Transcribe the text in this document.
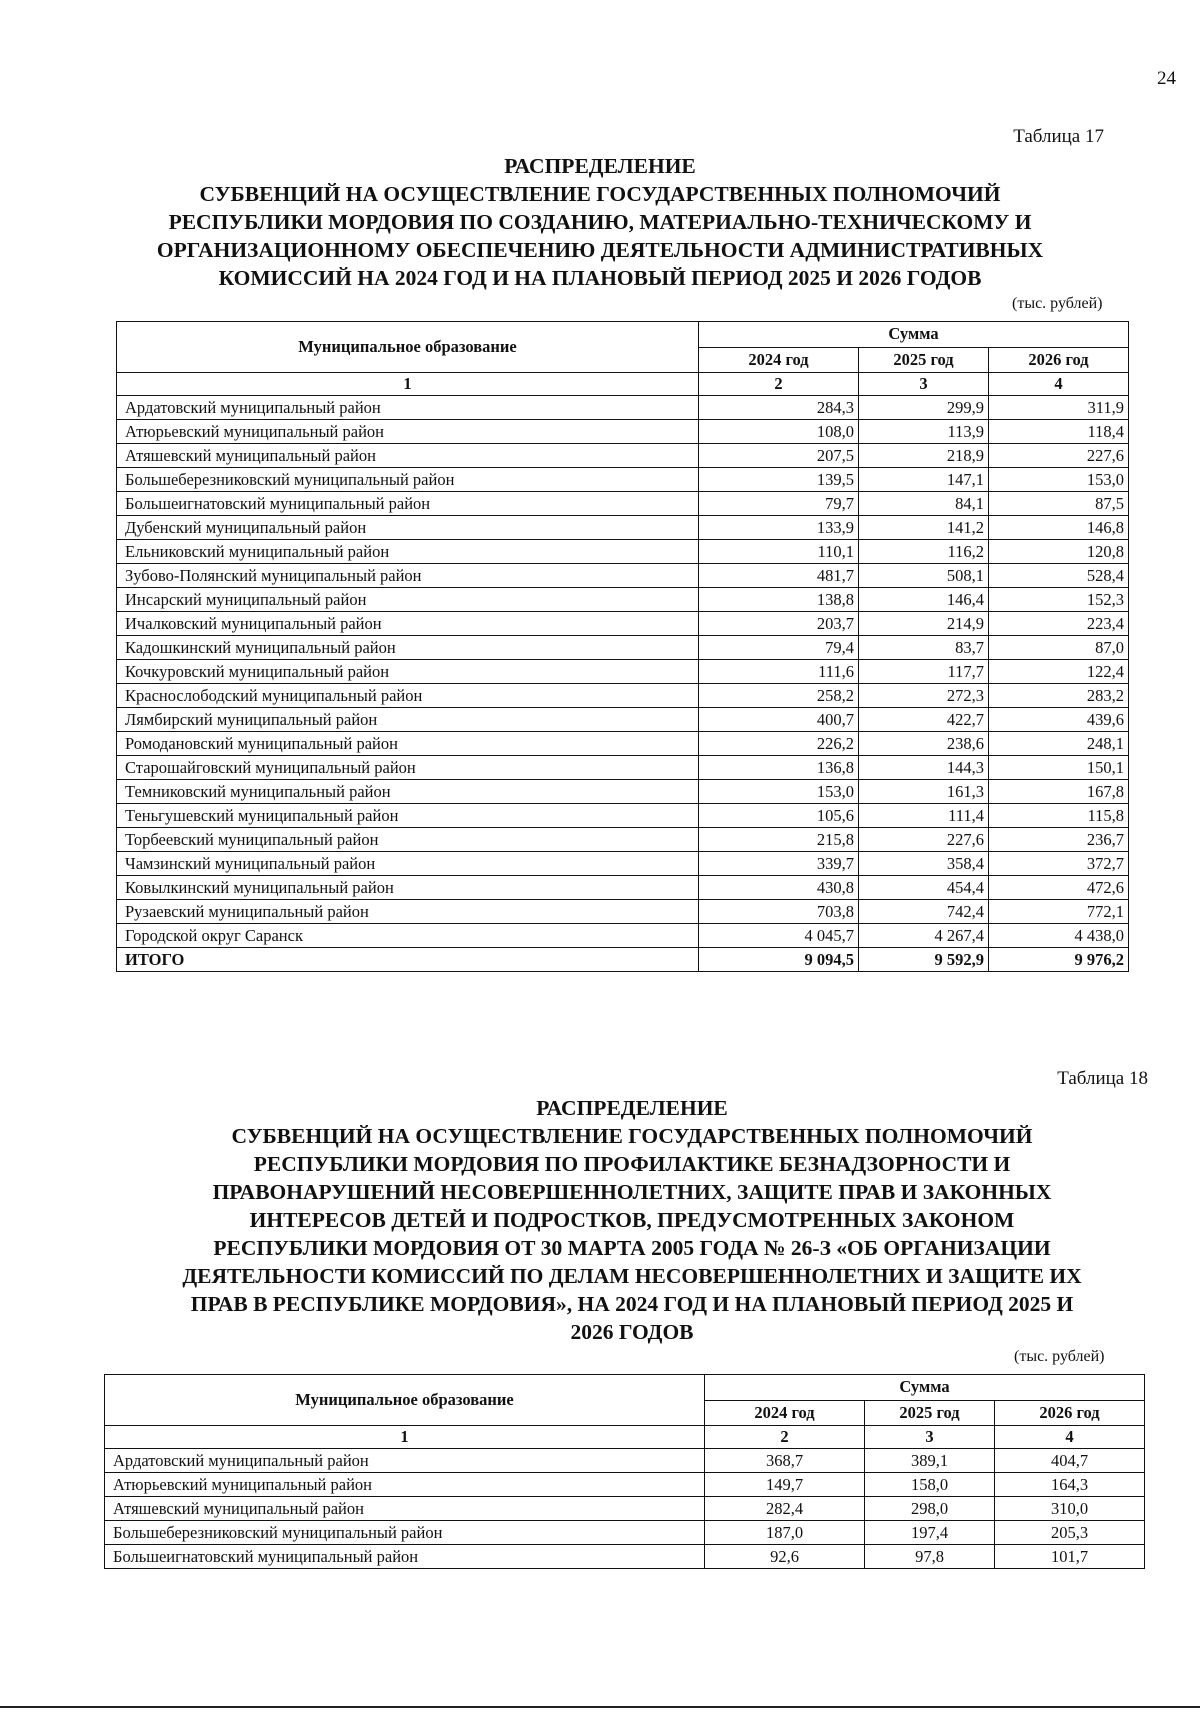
24
Таблица 17
РАСПРЕДЕЛЕНИЕ
СУБВЕНЦИЙ НА ОСУЩЕСТВЛЕНИЕ ГОСУДАРСТВЕННЫХ ПОЛНОМОЧИЙ
РЕСПУБЛИКИ МОРДОВИЯ ПО СОЗДАНИЮ, МАТЕРИАЛЬНО-ТЕХНИЧЕСКОМУ И
ОРГАНИЗАЦИОННОМУ ОБЕСПЕЧЕНИЮ ДЕЯТЕЛЬНОСТИ АДМИНИСТРАТИВНЫХ
КОМИССИЙ НА 2024 ГОД И НА ПЛАНОВЫЙ ПЕРИОД 2025 И 2026 ГОДОВ
(тыс. рублей)
Муниципальное образование	Сумма		
	2024 год	2025 год	2026 год
1	2	3	4
Ардатовский муниципальный район	284,3	299,9	311,9
Атюрьевский муниципальный район	108,0	113,9	118,4
Атяшевский муниципальный район	207,5	218,9	227,6
Большеберезниковский муниципальный район	139,5	147,1	153,0
Большеигнатовский муниципальный район	79,7	84,1	87,5
Дубенский муниципальный район	133,9	141,2	146,8
Ельниковский муниципальный район	110,1	116,2	120,8
Зубово-Полянский муниципальный район	481,7	508,1	528,4
Инсарский муниципальный район	138,8	146,4	152,3
Ичалковский муниципальный район	203,7	214,9	223,4
Кадошкинский муниципальный район	79,4	83,7	87,0
Кочкуровский муниципальный район	111,6	117,7	122,4
Краснослободский муниципальный район	258,2	272,3	283,2
Лямбирский муниципальный район	400,7	422,7	439,6
Ромодановский муниципальный район	226,2	238,6	248,1
Старошайговский муниципальный район	136,8	144,3	150,1
Темниковский муниципальный район	153,0	161,3	167,8
Теньгушевский муниципальный район	105,6	111,4	115,8
Торбеевский муниципальный район	215,8	227,6	236,7
Чамзинский муниципальный район	339,7	358,4	372,7
Ковылкинский муниципальный район	430,8	454,4	472,6
Рузаевский муниципальный район	703,8	742,4	772,1
Городской округ Саранск	4 045,7	4 267,4	4 438,0
ИТОГО	9 094,5	9 592,9	9 976,2
Таблица 18
РАСПРЕДЕЛЕНИЕ
СУБВЕНЦИЙ НА ОСУЩЕСТВЛЕНИЕ ГОСУДАРСТВЕННЫХ ПОЛНОМОЧИЙ
РЕСПУБЛИКИ МОРДОВИЯ ПО ПРОФИЛАКТИКЕ БЕЗНАДЗОРНОСТИ И
ПРАВОНАРУШЕНИЙ НЕСОВЕРШЕННОЛЕТНИХ, ЗАЩИТЕ ПРАВ И ЗАКОННЫХ
ИНТЕРЕСОВ ДЕТЕЙ И ПОДРОСТКОВ, ПРЕДУСМОТРЕННЫХ ЗАКОНОМ
РЕСПУБЛИКИ МОРДОВИЯ ОТ 30 МАРТА 2005 ГОДА № 26-З «ОБ ОРГАНИЗАЦИИ
ДЕЯТЕЛЬНОСТИ КОМИССИЙ ПО ДЕЛАМ НЕСОВЕРШЕННОЛЕТНИХ И ЗАЩИТЕ ИХ
ПРАВ В РЕСПУБЛИКЕ МОРДОВИЯ», НА 2024 ГОД И НА ПЛАНОВЫЙ ПЕРИОД 2025 И
2026 ГОДОВ
(тыс. рублей)
Муниципальное образование	Сумма		
	2024 год	2025 год	2026 год
1	2	3	4
Ардатовский муниципальный район	368,7	389,1	404,7
Атюрьевский муниципальный район	149,7	158,0	164,3
Атяшевский муниципальный район	282,4	298,0	310,0
Большеберезниковский муниципальный район	187,0	197,4	205,3
Большеигнатовский муниципальный район	92,6	97,8	101,7
